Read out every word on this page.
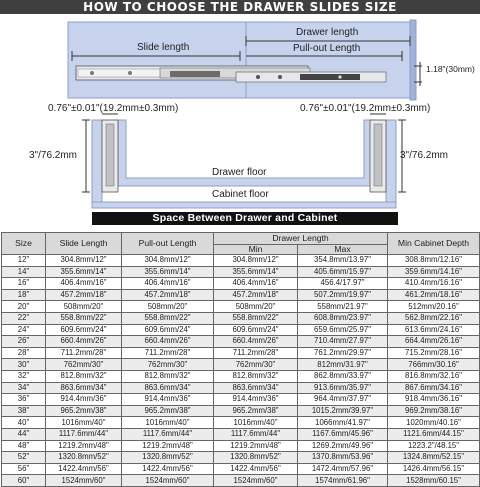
HOW TO CHOOSE THE DRAWER SLIDES SIZE
Drawer length
Slide length	Pull-out Length
1.18"(30mm)
0.76"±0.01"(19.2mm±0.3mm)	0.76"±0.01"(19.2mm±0.3mm)
3"/76.2mm	3"/76.2mm
Drawer floor
Cabinet floor
Space Between Drawer and Cabinet
Size	Slide Length	Pull-out Length	Drawer Length		Min Cabinet Depth
			Min	Max	
12"	304.8mm/12"	304.8mm/12"	304.8mm/12"	354.8mm/13.97"	308.8mm/12.16"
14"	355.6mm/14"	355.6mm/14"	355.6mm/14"	405.6mm/15.97"	359.6mm/14.16"
16"	406.4mm/16"	406.4mm/16"	406.4mm/16"	456.4/17.97"	410.4mm/16.16"
18"	457.2mm/18"	457.2mm/18"	457.2mm/18"	507.2mm/19.97"	461.2mm/18.16"
20"	508mm/20"	508mm/20"	508mm/20"	558mm/21.97"	512mm/20.16"
22"	558.8mm/22"	558.8mm/22"	558.8mm/22"	608.8mm/23.97"	562.8mm/22.16"
24"	609.6mm/24"	609.6mm/24"	609.6mm/24"	659.6mm/25.97"	613.6mm/24.16"
26"	660.4mm/26"	660.4mm/26"	660.4mm/26"	710.4mm/27.97"	664.4mm/26.16"
28"	711.2mm/28"	711.2mm/28"	711.2mm/28"	761.2mm/29.97"	715.2mm/28.16"
30"	762mm/30"	762mm/30"	762mm/30"	812mm/31.97"	766mm/30.16"
32"	812.8mm/32"	812.8mm/32"	812.8mm/32"	862.8mm/33.97"	816.8mm/32.16"
34"	863.6mm/34"	863.6mm/34"	863.6mm/34"	913.6mm/35.97"	867.6mm/34.16"
36"	914.4mm/36"	914.4mm/36"	914.4mm/36"	964.4mm/37.97"	918.4mm/36.16"
38"	965.2mm/38"	965.2mm/38"	965.2mm/38"	1015.2mm/39.97"	969.2mm/38.16"
40"	1016mm/40"	1016mm/40"	1016mm/40"	1066mm/41.97"	1020mm/40.16"
44"	1117.6mm/44"	1117.6mm/44"	1117.6mm/44"	1167.6mm/45.96"	1121.6mm/44.15"
48"	1219.2mm/48"	1219.2mm/48"	1219.2mm/48"	1269.2mm/49.96"	1223.2"/48.15"
52"	1320.8mm/52"	1320.8mm/52"	1320.8mm/52"	1370.8mm/53.96"	1324.8mm/52.15"
56"	1422.4mm/56"	1422.4mm/56"	1422.4mm/56"	1472.4mm/57.96"	1426.4mm/56.15"
60"	1524mm/60"	1524mm/60"	1524mm/60"	1574mm/61.96"	1528mm/60.15"
